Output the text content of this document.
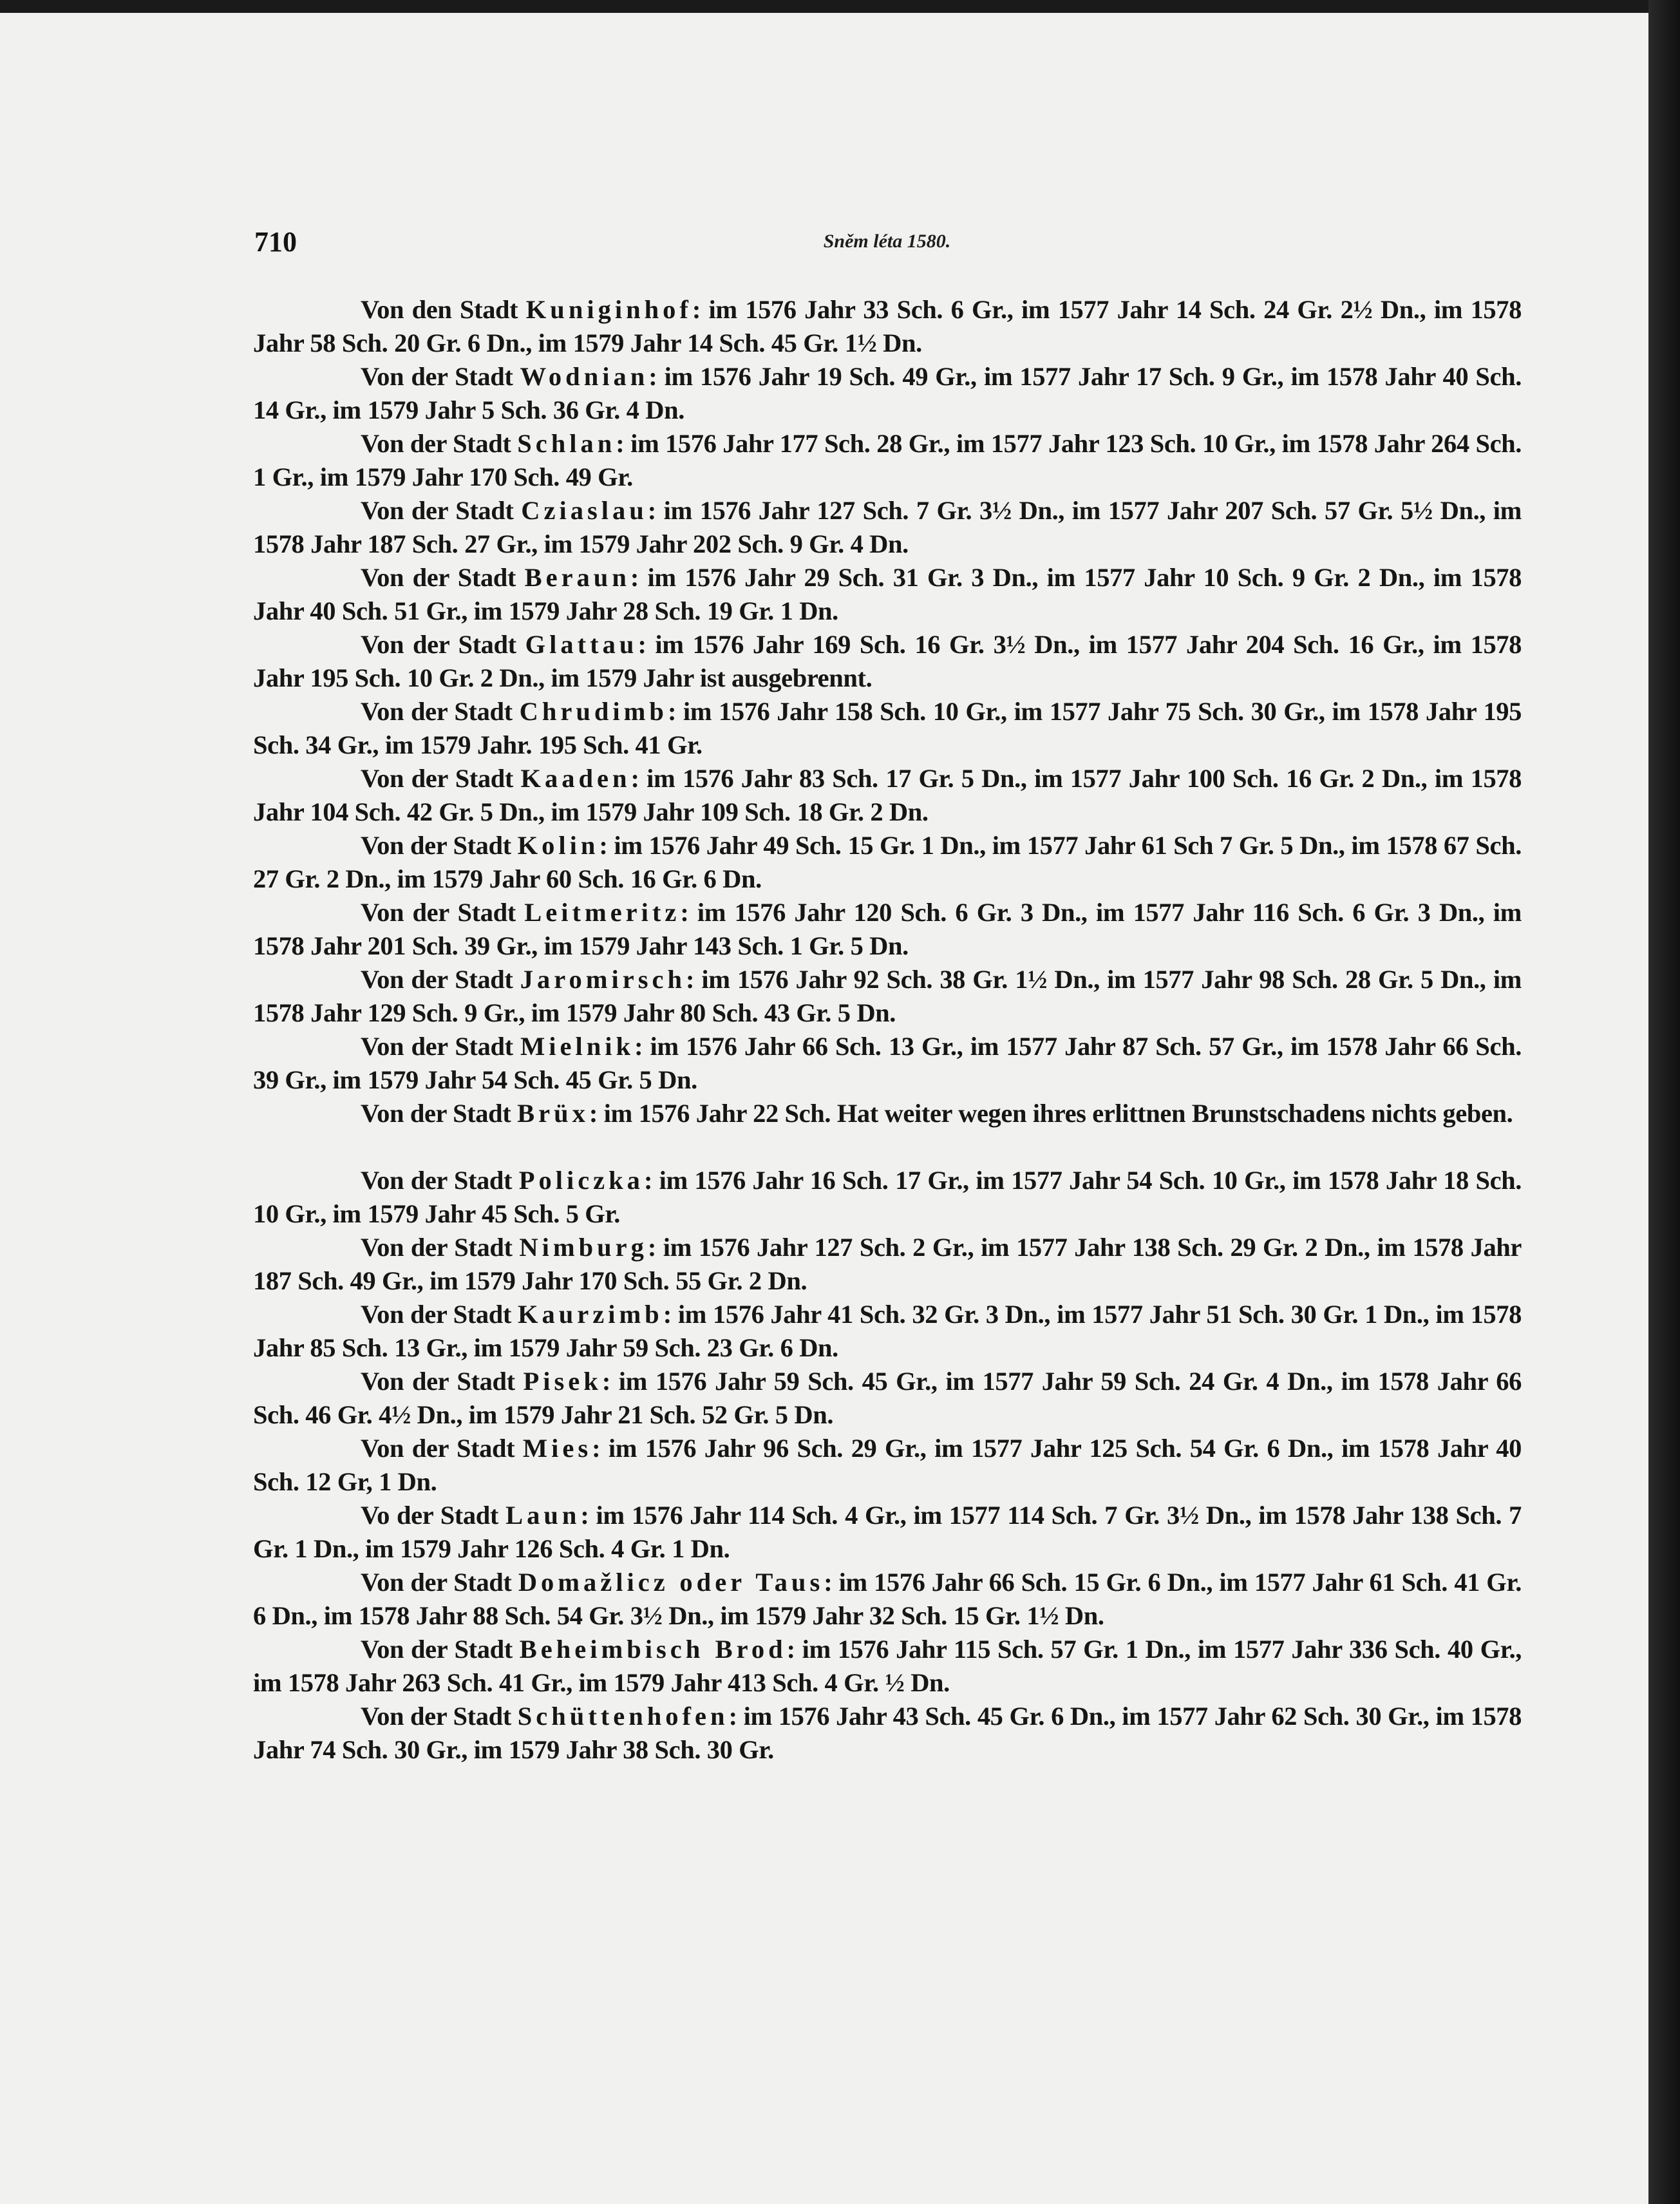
710	Sněm léta 1580.

Von den Stadt Kuniginhof: im 1576 Jahr 33 Sch. 6 Gr., im 1577 Jahr 14 Sch. 24 Gr. 2½ Dn., im 1578 Jahr 58 Sch. 20 Gr. 6 Dn., im 1579 Jahr 14 Sch. 45 Gr. 1½ Dn.

Von der Stadt Wodnian: im 1576 Jahr 19 Sch. 49 Gr., im 1577 Jahr 17 Sch. 9 Gr., im 1578 Jahr 40 Sch. 14 Gr., im 1579 Jahr 5 Sch. 36 Gr. 4 Dn.

Von der Stadt Schlan: im 1576 Jahr 177 Sch. 28 Gr., im 1577 Jahr 123 Sch. 10 Gr., im 1578 Jahr 264 Sch. 1 Gr., im 1579 Jahr 170 Sch. 49 Gr.

Von der Stadt Cziaslau: im 1576 Jahr 127 Sch. 7 Gr. 3½ Dn., im 1577 Jahr 207 Sch. 57 Gr. 5½ Dn., im 1578 Jahr 187 Sch. 27 Gr., im 1579 Jahr 202 Sch. 9 Gr. 4 Dn.

Von der Stadt Beraun: im 1576 Jahr 29 Sch. 31 Gr. 3 Dn., im 1577 Jahr 10 Sch. 9 Gr. 2 Dn., im 1578 Jahr 40 Sch. 51 Gr., im 1579 Jahr 28 Sch. 19 Gr. 1 Dn.

Von der Stadt Glattau: im 1576 Jahr 169 Sch. 16 Gr. 3½ Dn., im 1577 Jahr 204 Sch. 16 Gr., im 1578 Jahr 195 Sch. 10 Gr. 2 Dn., im 1579 Jahr ist ausgebrennt.

Von der Stadt Chrudimb: im 1576 Jahr 158 Sch. 10 Gr., im 1577 Jahr 75 Sch. 30 Gr., im 1578 Jahr 195 Sch. 34 Gr., im 1579 Jahr. 195 Sch. 41 Gr.

Von der Stadt Kaaden: im 1576 Jahr 83 Sch. 17 Gr. 5 Dn., im 1577 Jahr 100 Sch. 16 Gr. 2 Dn., im 1578 Jahr 104 Sch. 42 Gr. 5 Dn., im 1579 Jahr 109 Sch. 18 Gr. 2 Dn.

Von der Stadt Kolin: im 1576 Jahr 49 Sch. 15 Gr. 1 Dn., im 1577 Jahr 61 Sch 7 Gr. 5 Dn., im 1578 67 Sch. 27 Gr. 2 Dn., im 1579 Jahr 60 Sch. 16 Gr. 6 Dn.

Von der Stadt Leitmeritz: im 1576 Jahr 120 Sch. 6 Gr. 3 Dn., im 1577 Jahr 116 Sch. 6 Gr. 3 Dn., im 1578 Jahr 201 Sch. 39 Gr., im 1579 Jahr 143 Sch. 1 Gr. 5 Dn.

Von der Stadt Jaromirsch: im 1576 Jahr 92 Sch. 38 Gr. 1½ Dn., im 1577 Jahr 98 Sch. 28 Gr. 5 Dn., im 1578 Jahr 129 Sch. 9 Gr., im 1579 Jahr 80 Sch. 43 Gr. 5 Dn.

Von der Stadt Mielnik: im 1576 Jahr 66 Sch. 13 Gr., im 1577 Jahr 87 Sch. 57 Gr., im 1578 Jahr 66 Sch. 39 Gr., im 1579 Jahr 54 Sch. 45 Gr. 5 Dn.

Von der Stadt Brüx: im 1576 Jahr 22 Sch. Hat weiter wegen ihres erlittnen Brunstschadens nichts geben.

Von der Stadt Policzka: im 1576 Jahr 16 Sch. 17 Gr., im 1577 Jahr 54 Sch. 10 Gr., im 1578 Jahr 18 Sch. 10 Gr., im 1579 Jahr 45 Sch. 5 Gr.

Von der Stadt Nimburg: im 1576 Jahr 127 Sch. 2 Gr., im 1577 Jahr 138 Sch. 29 Gr. 2 Dn., im 1578 Jahr 187 Sch. 49 Gr., im 1579 Jahr 170 Sch. 55 Gr. 2 Dn.

Von der Stadt Kaurzimb: im 1576 Jahr 41 Sch. 32 Gr. 3 Dn., im 1577 Jahr 51 Sch. 30 Gr. 1 Dn., im 1578 Jahr 85 Sch. 13 Gr., im 1579 Jahr 59 Sch. 23 Gr. 6 Dn.

Von der Stadt Pisek: im 1576 Jahr 59 Sch. 45 Gr., im 1577 Jahr 59 Sch. 24 Gr. 4 Dn., im 1578 Jahr 66 Sch. 46 Gr. 4½ Dn., im 1579 Jahr 21 Sch. 52 Gr. 5 Dn.

Von der Stadt Mies: im 1576 Jahr 96 Sch. 29 Gr., im 1577 Jahr 125 Sch. 54 Gr. 6 Dn., im 1578 Jahr 40 Sch. 12 Gr, 1 Dn.

Vo der Stadt Laun: im 1576 Jahr 114 Sch. 4 Gr., im 1577 114 Sch. 7 Gr. 3½ Dn., im 1578 Jahr 138 Sch. 7 Gr. 1 Dn., im 1579 Jahr 126 Sch. 4 Gr. 1 Dn.

Von der Stadt Domažlicz oder Taus: im 1576 Jahr 66 Sch. 15 Gr. 6 Dn., im 1577 Jahr 61 Sch. 41 Gr. 6 Dn., im 1578 Jahr 88 Sch. 54 Gr. 3½ Dn., im 1579 Jahr 32 Sch. 15 Gr. 1½ Dn.

Von der Stadt Beheimbisch Brod: im 1576 Jahr 115 Sch. 57 Gr. 1 Dn., im 1577 Jahr 336 Sch. 40 Gr., im 1578 Jahr 263 Sch. 41 Gr., im 1579 Jahr 413 Sch. 4 Gr. ½ Dn.

Von der Stadt Schüttenhofen: im 1576 Jahr 43 Sch. 45 Gr. 6 Dn., im 1577 Jahr 62 Sch. 30 Gr., im 1578 Jahr 74 Sch. 30 Gr., im 1579 Jahr 38 Sch. 30 Gr.
